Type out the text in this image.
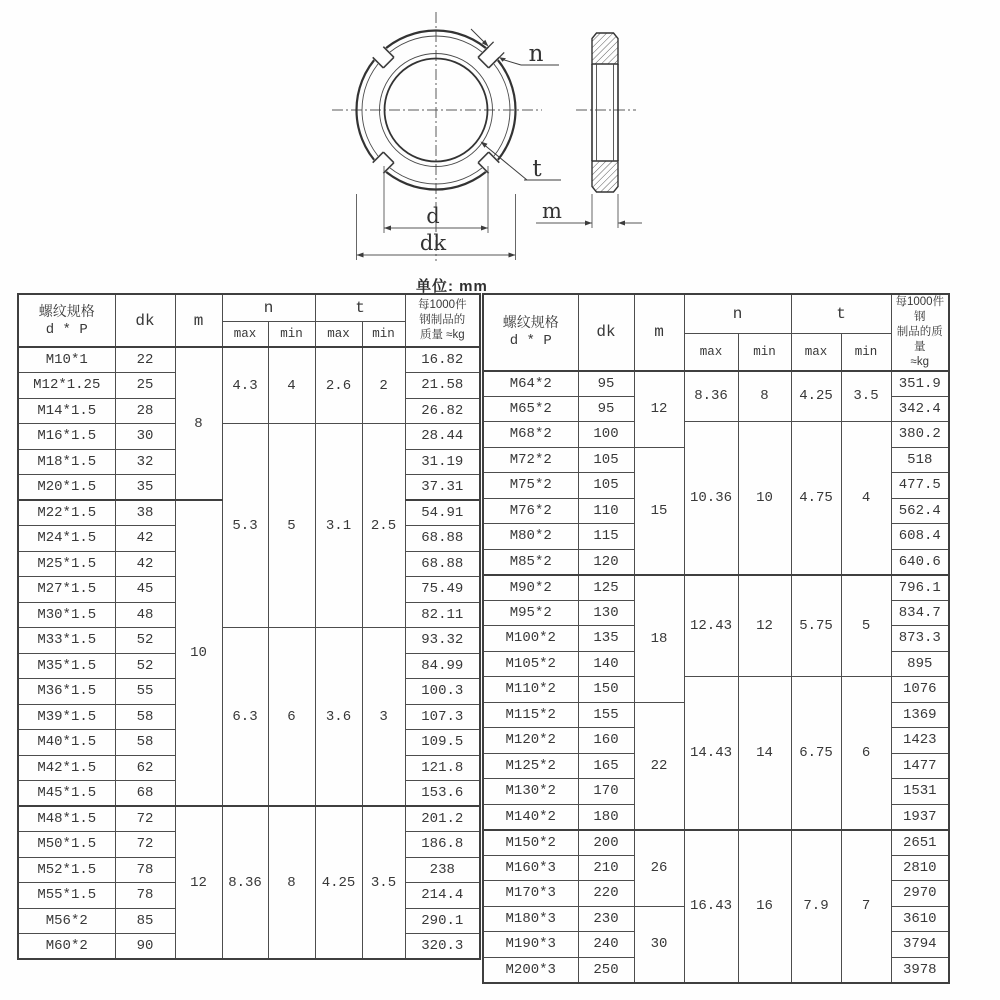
n
t
d
dk
m
单位: mm
螺纹规格
d * P	dk	m	n	t	每1000件
钢制品的
质量 ≈kg

			max	min	max	min	
M10*1	22	8	4.3	4	2.6	2	16.82
M12*1.25	25						21.58
M14*1.5	28						26.82
M16*1.5	30		5.3	5	3.1	2.5	28.44
M18*1.5	32						31.19
M20*1.5	35						37.31
M22*1.5	38	10					54.91
M24*1.5	42						68.88
M25*1.5	42						68.88
M27*1.5	45						75.49
M30*1.5	48						82.11
M33*1.5	52		6.3	6	3.6	3	93.32
M35*1.5	52						84.99
M36*1.5	55						100.3
M39*1.5	58						107.3
M40*1.5	58						109.5
M42*1.5	62						121.8
M45*1.5	68						153.6
M48*1.5	72	12	8.36	8	4.25	3.5	201.2
M50*1.5	72						186.8
M52*1.5	78						238
M55*1.5	78						214.4
M56*2	85						290.1
M60*2	90						320.3
螺纹规格
d * P	dk	m	n	t	
每1000件钢
制品的质量
≈kg

			max	min	max	min	
M64*2	95	12	8.36	8	4.25	3.5	351.9
M65*2	95						342.4
M68*2	100		10.36	10	4.75	4	380.2
M72*2	105	15					518
M75*2	105						477.5
M76*2	110						562.4
M80*2	115						608.4
M85*2	120						640.6
M90*2	125	18	12.43	12	5.75	5	796.1
M95*2	130						834.7
M100*2	135						873.3
M105*2	140						895
M110*2	150		14.43	14	6.75	6	1076
M115*2	155	22					1369
M120*2	160						1423
M125*2	165						1477
M130*2	170						1531
M140*2	180						1937
M150*2	200	26	16.43	16	7.9	7	2651
M160*3	210						2810
M170*3	220						2970
M180*3	230	30					3610
M190*3	240						3794
M200*3	250						3978
